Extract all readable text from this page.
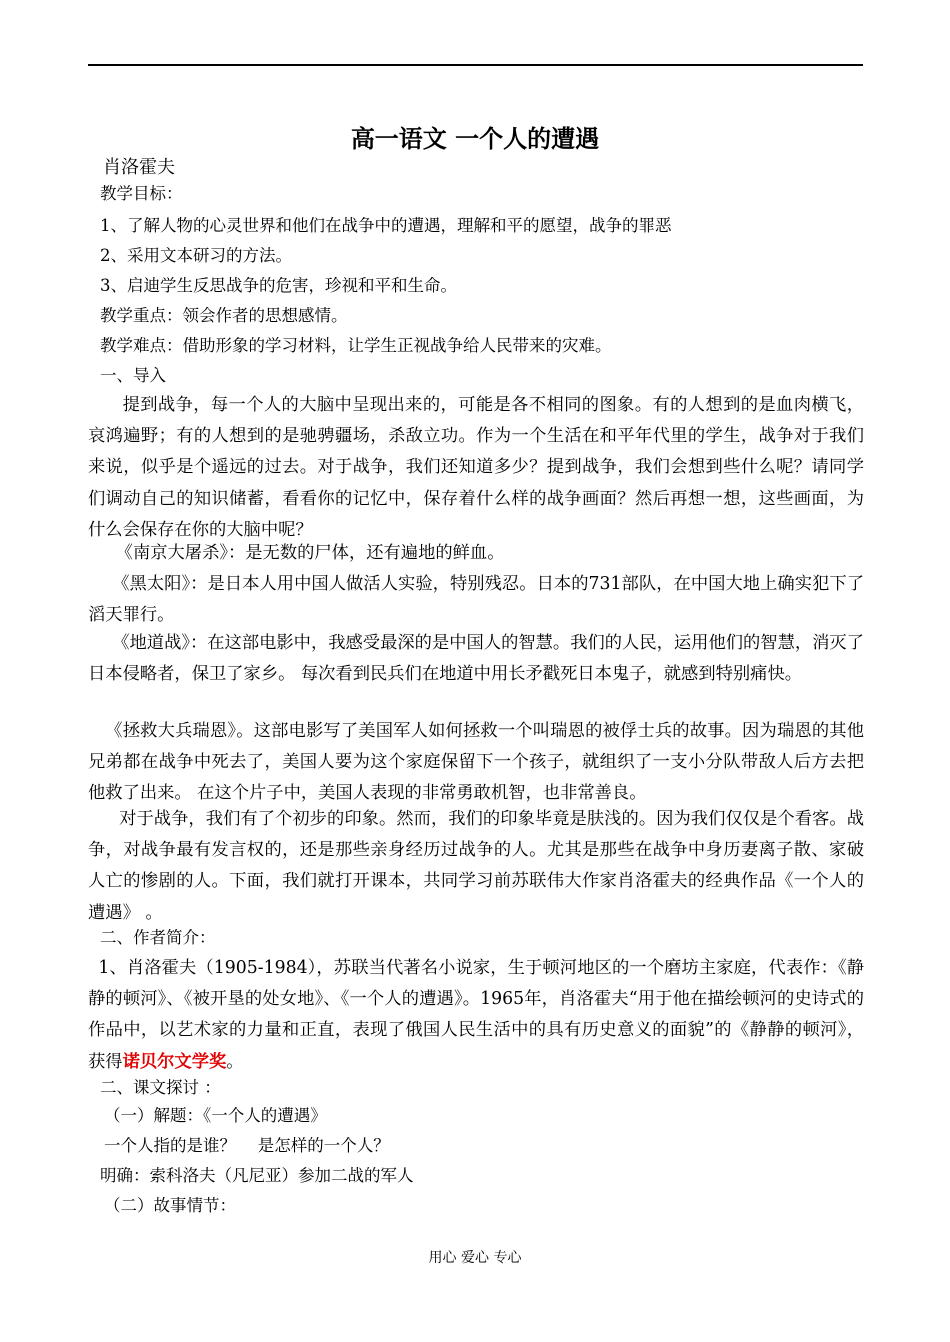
高一语文 一个人的遭遇
肖洛霍夫
教学目标：
1、了解人物的心灵世界和他们在战争中的遭遇，理解和平的愿望，战争的罪恶
2、采用文本研习的方法。
3、启迪学生反思战争的危害，珍视和平和生命。
教学重点：领会作者的思想感情。
教学难点：借助形象的学习材料，让学生正视战争给人民带来的灾难。
一、导入
提到战争，每一个人的大脑中呈现出来的，可能是各不相同的图象。有的人想到的是血肉横飞，哀鸿遍野；有的人想到的是驰骋疆场，杀敌立功。作为一个生活在和平年代里的学生，战争对于我们来说，似乎是个遥远的过去。对于战争，我们还知道多少？提到战争，我们会想到些什么呢？请同学们调动自己的知识储蓄，看看你的记忆中，保存着什么样的战争画面？然后再想一想，这些画面，为什么会保存在你的大脑中呢？
《南京大屠杀》：是无数的尸体，还有遍地的鲜血。
《黑太阳》：是日本人用中国人做活人实验，特别残忍。日本的731部队，在中国大地上确实犯下了滔天罪行。
《地道战》：在这部电影中，我感受最深的是中国人的智慧。我们的人民，运用他们的智慧，消灭了日本侵略者，保卫了家乡。 每次看到民兵们在地道中用长矛戳死日本鬼子，就感到特别痛快。
《拯救大兵瑞恩》。这部电影写了美国军人如何拯救一个叫瑞恩的被俘士兵的故事。因为瑞恩的其他兄弟都在战争中死去了，美国人要为这个家庭保留下一个孩子，就组织了一支小分队带敌人后方去把他救了出来。 在这个片子中，美国人表现的非常勇敢机智，也非常善良。
对于战争，我们有了个初步的印象。然而，我们的印象毕竟是肤浅的。因为我们仅仅是个看客。战争，对战争最有发言权的，还是那些亲身经历过战争的人。尤其是那些在战争中身历妻离子散、家破人亡的惨剧的人。下面，我们就打开课本，共同学习前苏联伟大作家肖洛霍夫的经典作品《一个人的遭遇》 。
二、作者简介：
1、肖洛霍夫（1905-1984），苏联当代著名小说家，生于顿河地区的一个磨坊主家庭，代表作：《静静的顿河》、《被开垦的处女地》、《一个人的遭遇》。1965年，肖洛霍夫“用于他在描绘顿河的史诗式的作品中，以艺术家的力量和正直，表现了俄国人民生活中的具有历史意义的面貌”的《静静的顿河》， 获得诺贝尔文学奖。
二、课文探讨 ：
（一）解题：《一个人的遭遇》
一个人指的是谁？　 是怎样的一个人？
明确：索科洛夫（凡尼亚）参加二战的军人
（二）故事情节：
用心 爱心 专心
